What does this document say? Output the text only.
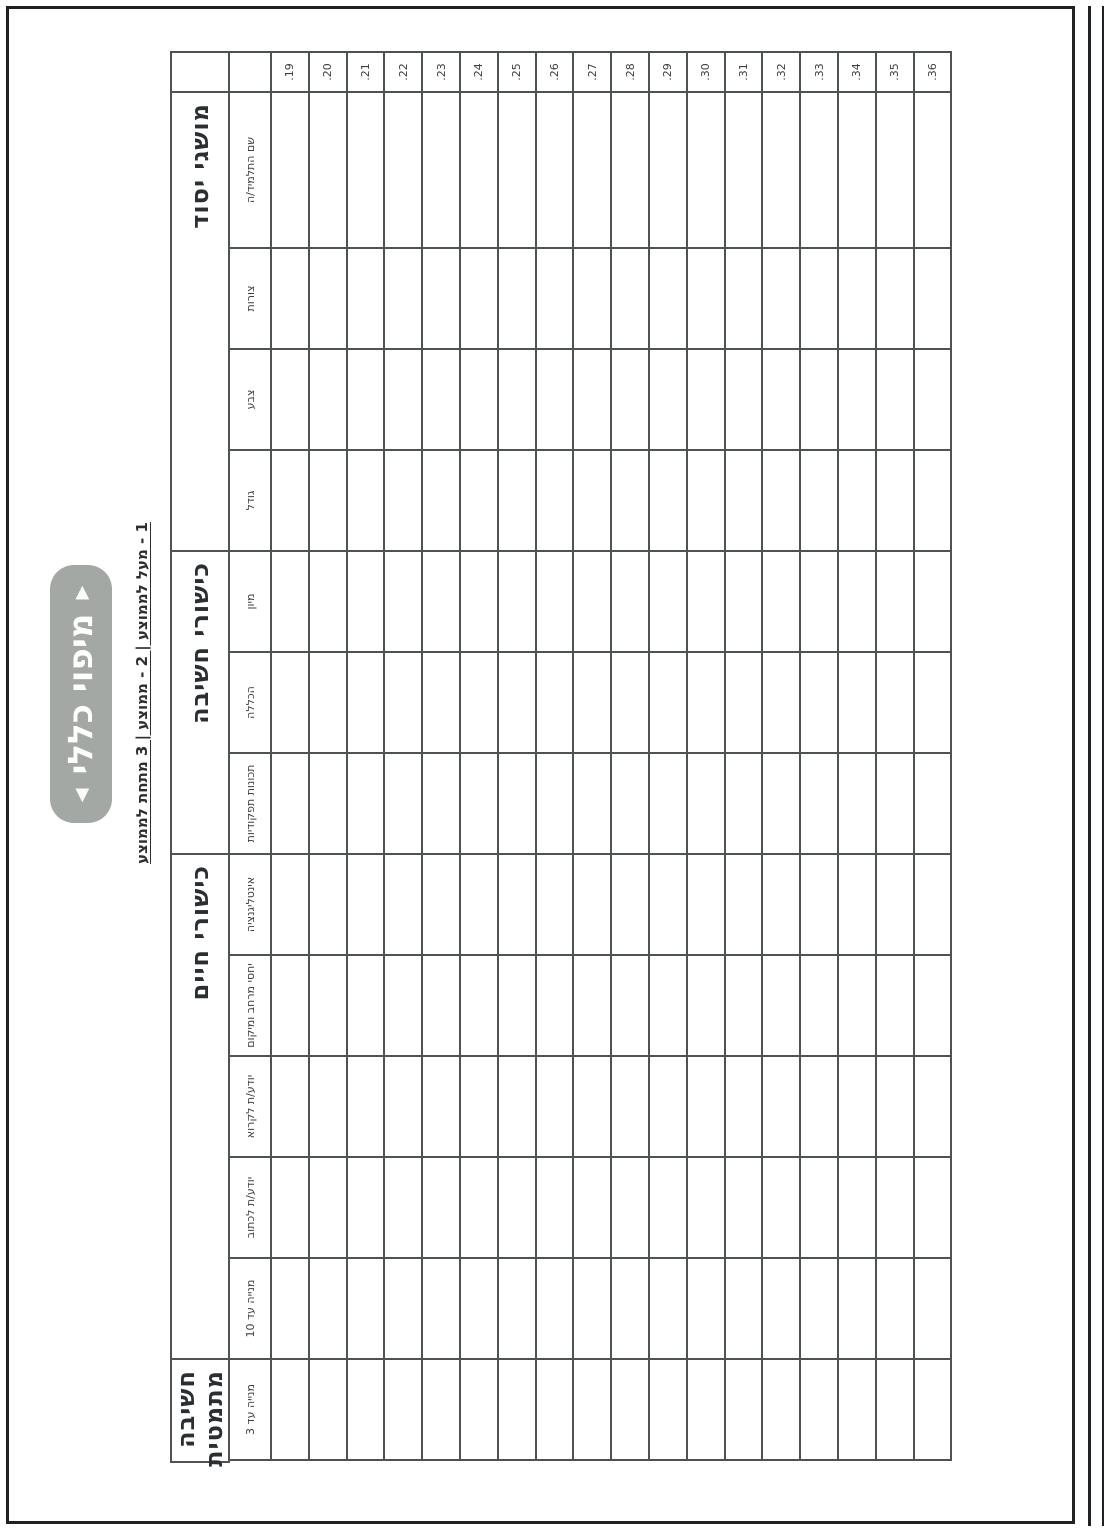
◀
מיפוי כללי
▶
1 - מעל לממוצע | 2 - ממוצע | 3 מתחת לממוצע

	מושגי יסוד				כישורי חשיבה			כישורי חיים					חשיבה מתמטית

	שם התלמיד/ה	צורות	צבע	גודל	מיון	הכללה	תכונות תפקודיות	אינטליגנציה	יחסי מרחב ומיקום	יודע/ת לקרוא	יודע/ת לכתוב	מנייה עד 10	מנייה עד 3

.19													

.20													

.21													

.22													

.23													

.24													

.25													

.26													

.27													

.28													

.29													

.30													

.31													

.32													

.33													

.34													

.35													

.36													

5
